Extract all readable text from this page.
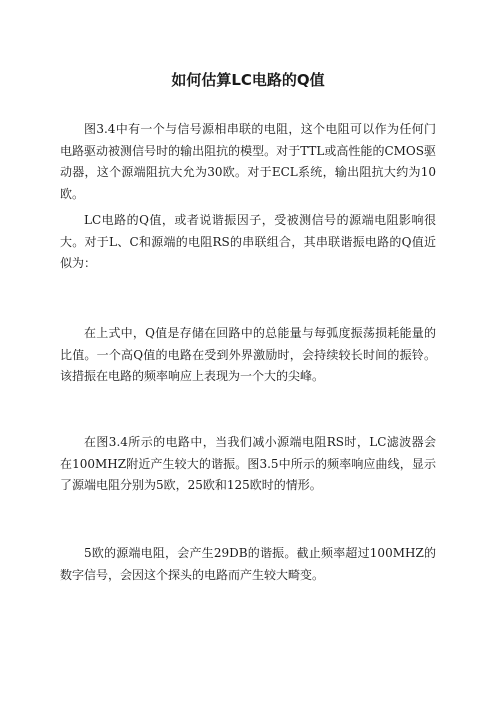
如何估算LC电路的Q值

图3.4中有一个与信号源相串联的电阻，这个电阻可以作为任何门电路驱动被测信号时的输出阻抗的模型。对于TTL或高性能的CMOS驱动器，这个源端阻抗大允为30欧。对于ECL系统，输出阻抗大约为10欧。

LC电路的Q值，或者说谐振因子，受被测信号的源端电阻影响很大。对于L、C和源端的电阻RS的串联组合，其串联谐振电路的Q值近似为：

在上式中，Q值是存储在回路中的总能量与每弧度振荡损耗能量的比值。一个高Q值的电路在受到外界激励时，会持续较长时间的振铃。该措振在电路的频率响应上表现为一个大的尖峰。

在图3.4所示的电路中，当我们减小源端电阻RS时，LC滤波器会在100MHZ附近产生较大的谐振。图3.5中所示的频率响应曲线，显示了源端电阻分别为5欧，25欧和125欧时的情形。

5欧的源端电阻，会产生29DB的谐振。截止频率超过100MHZ的数字信号，会因这个探头的电路而产生较大畸变。
